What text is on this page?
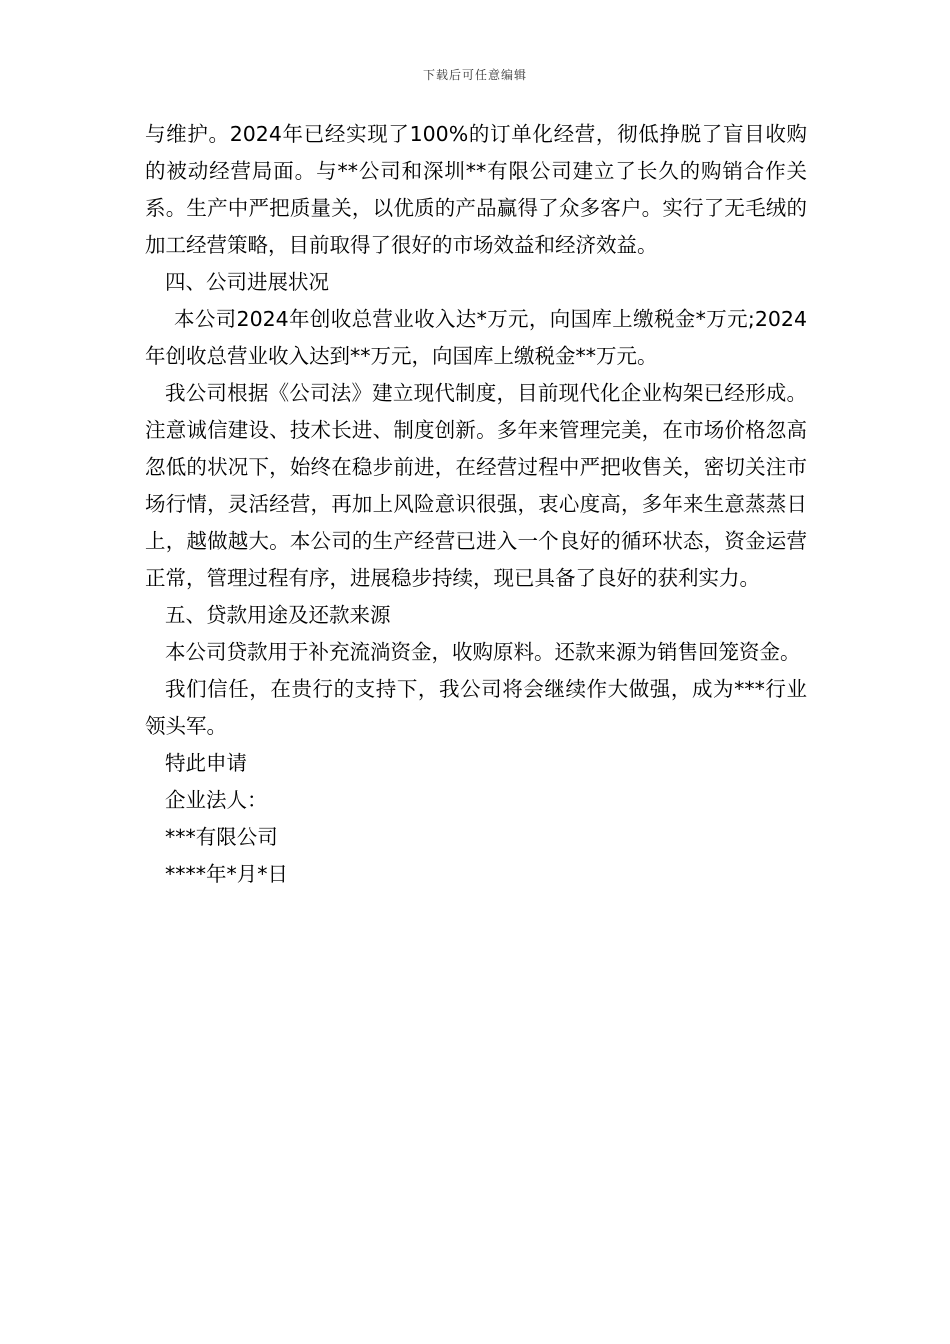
下载后可任意编辑

与维护。2024年已经实现了100%的订单化经营，彻低挣脱了盲目收购的被动经营局面。与**公司和深圳**有限公司建立了长久的购销合作关系。生产中严把质量关，以优质的产品赢得了众多客户。实行了无毛绒的加工经营策略，目前取得了很好的市场效益和经济效益。

四、公司进展状况

本公司2024年创收总营业收入达*万元，向国库上缴税金*万元;2024年创收总营业收入达到**万元，向国库上缴税金**万元。

我公司根据《公司法》建立现代制度，目前现代化企业构架已经形成。注意诚信建设、技术长进、制度创新。多年来管理完美，在市场价格忽高忽低的状况下，始终在稳步前进，在经营过程中严把收售关，密切关注市场行情，灵活经营，再加上风险意识很强，衷心度高，多年来生意蒸蒸日上，越做越大。本公司的生产经营已进入一个良好的循环状态，资金运营正常，管理过程有序，进展稳步持续，现已具备了良好的获利实力。

五、贷款用途及还款来源

本公司贷款用于补充流淌资金，收购原料。还款来源为销售回笼资金。

我们信任，在贵行的支持下，我公司将会继续作大做强，成为***行业领头军。

特此申请

企业法人：

***有限公司

****年*月*日
